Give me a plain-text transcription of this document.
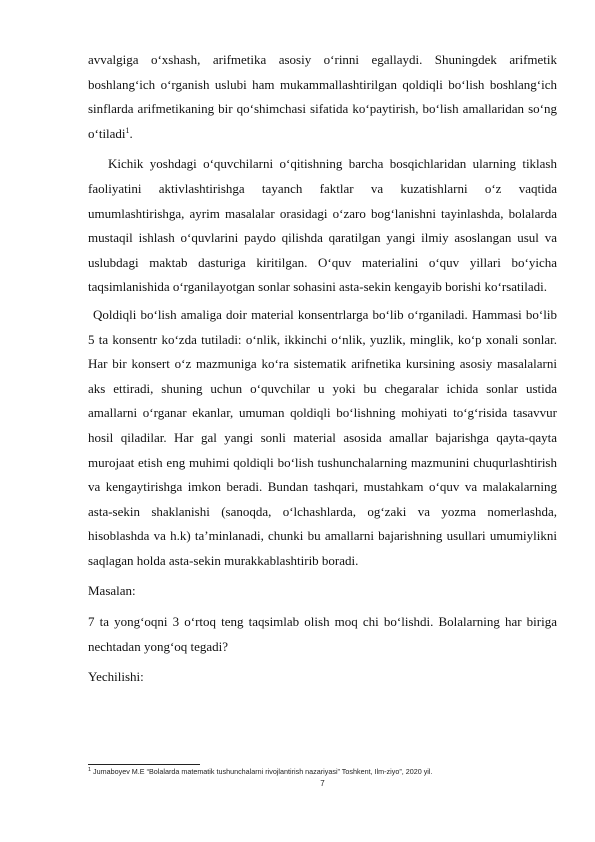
avvalgiga o‘xshash, arifmetika asosiy o‘rinni egallaydi. Shuningdek arifmetik boshlang‘ich o‘rganish uslubi ham mukammallashtirilgan qoldiqli bo‘lish boshlang‘ich sinflarda arifmetikaning bir qo‘shimchasi sifatida ko‘paytirish, bo‘lish amallaridan so‘ng o‘tiladi$^1$.

Kichik yoshdagi o‘quvchilarni o‘qitishning barcha bosqichlaridan ularning tiklash faoliyatini aktivlashtirishga tayanch faktlar va kuzatishlarni o‘z vaqtida umumlashtirishga, ayrim masalalar orasidagi o‘zaro bog‘lanishni tayinlashda, bolalarda mustaqil ishlash o‘quvlarini paydo qilishda qaratilgan yangi ilmiy asoslangan usul va uslubdagi maktab dasturiga kiritilgan. O‘quv materialini o‘quv yillari bo‘yicha taqsimlanishida o‘rganilayotgan sonlar sohasini asta-sekin kengayib borishi ko‘rsatiladi.

Qoldiqli bo‘lish amaliga doir material konsentrlarga bo‘lib o‘rganiladi. Hammasi bo‘lib 5 ta konsentr ko‘zda tutiladi: o‘nlik, ikkinchi o‘nlik, yuzlik, minglik, ko‘p xonali sonlar. Har bir konsert o‘z mazmuniga ko‘ra sistematik arifnetika kursining asosiy masalalarni aks ettiradi, shuning uchun o‘quvchilar u yoki bu chegaralar ichida sonlar ustida amallarni o‘rganar ekanlar, umuman qoldiqli bo‘lishning mohiyati to‘g‘risida tasavvur hosil qiladilar. Har gal yangi sonli material asosida amallar bajarishga qayta-qayta murojaat etish eng muhimi qoldiqli bo‘lish tushunchalarning mazmunini chuqurlashtirish va kengaytirishga imkon beradi. Bundan tashqari, mustahkam o‘quv va malakalarning asta-sekin shaklanishi (sanoqda, o‘lchashlarda, og‘zaki va yozma nomerlashda, hisoblashda va h.k) ta’minlanadi, chunki bu amallarni bajarishning usullari umumiylikni saqlagan holda asta-sekin murakkablashtirib boradi.

Masalan:

7 ta yong‘oqni 3 o‘rtoq teng taqsimlab olish moq chi bo‘lishdi. Bolalarning har biriga nechtadan yong‘oq tegadi?

Yechilishi:

$^1$ Jumaboyev M.E “Bolalarda matematik tushunchalarni rivojlantirish nazariyasi” Toshkent, Ilm-ziyo”, 2020 yil.
7
